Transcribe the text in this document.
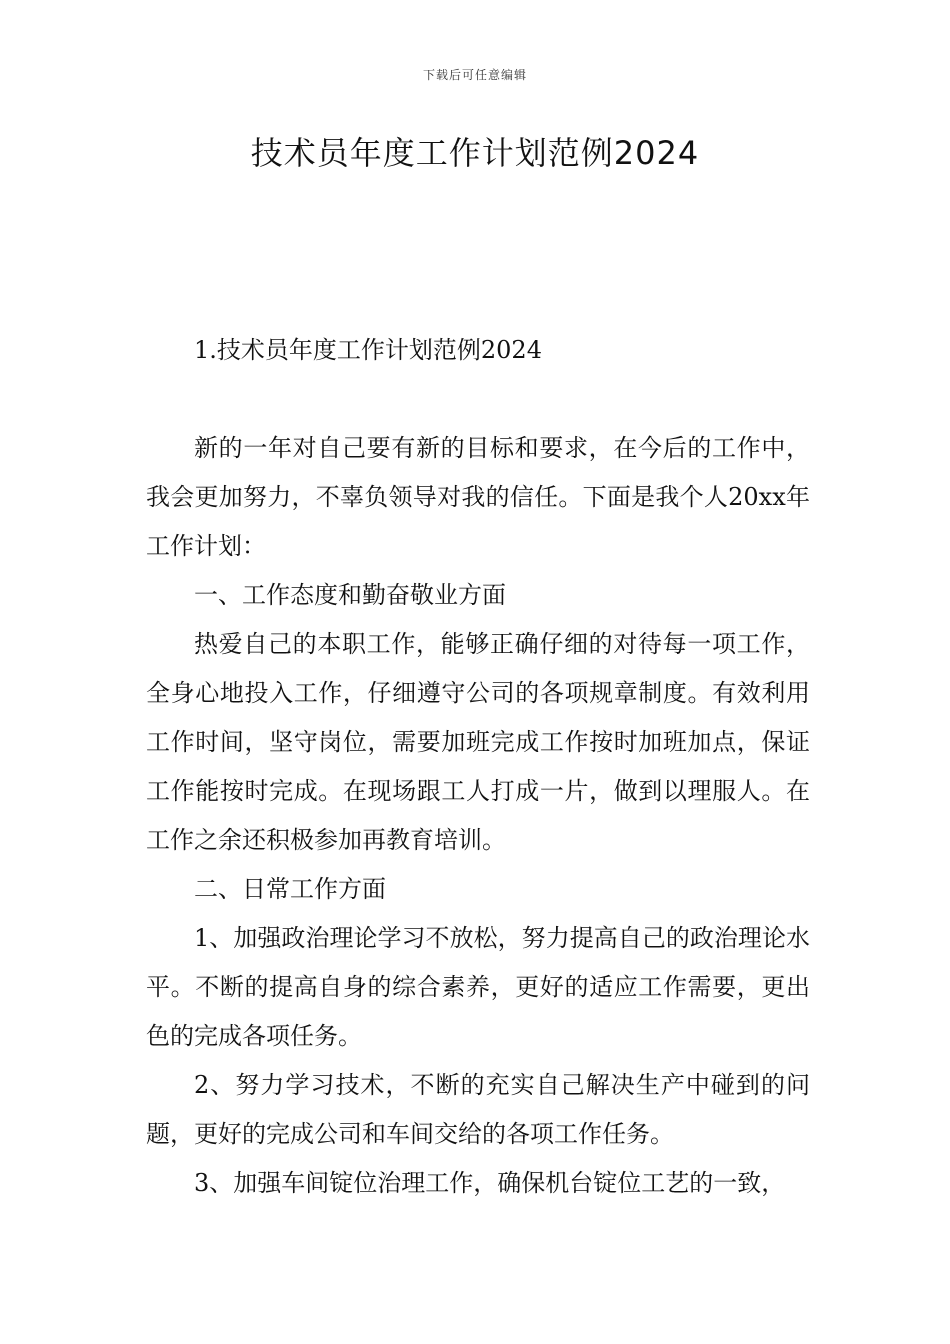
下载后可任意编辑
技术员年度工作计划范例2024
1.技术员年度工作计划范例2024

新的一年对自己要有新的目标和要求，在今后的工作中，我会更加努力，不辜负领导对我的信任。下面是我个人20xx年工作计划：

一、工作态度和勤奋敬业方面

热爱自己的本职工作，能够正确仔细的对待每一项工作，全身心地投入工作，仔细遵守公司的各项规章制度。有效利用工作时间，坚守岗位，需要加班完成工作按时加班加点，保证工作能按时完成。在现场跟工人打成一片，做到以理服人。在工作之余还积极参加再教育培训。

二、日常工作方面

1、加强政治理论学习不放松，努力提高自己的政治理论水平。不断的提高自身的综合素养，更好的适应工作需要，更出色的完成各项任务。

2、努力学习技术，不断的充实自己解决生产中碰到的问题，更好的完成公司和车间交给的各项工作任务。

3、加强车间锭位治理工作，确保机台锭位工艺的一致，
